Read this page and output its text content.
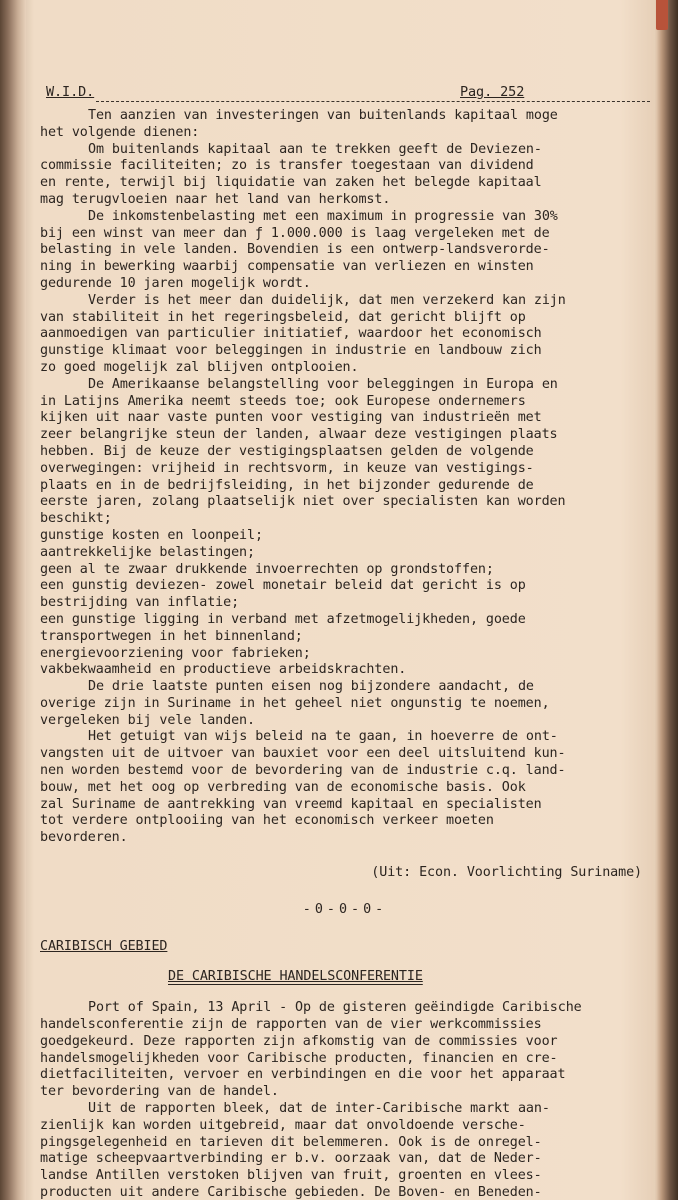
W.I.D.	Pag. 252
Ten aanzien van investeringen van buitenlands kapitaal moge
het volgende dienen:
Om buitenlands kapitaal aan te trekken geeft de Deviezen-
commissie faciliteiten; zo is transfer toegestaan van dividend
en rente, terwijl bij liquidatie van zaken het belegde kapitaal
mag terugvloeien naar het land van herkomst.
De inkomstenbelasting met een maximum in progressie van 30%
bij een winst van meer dan ƒ 1.000.000 is laag vergeleken met de
belasting in vele landen. Bovendien is een ontwerp-landsverorde-
ning in bewerking waarbij compensatie van verliezen en winsten
gedurende 10 jaren mogelijk wordt.
Verder is het meer dan duidelijk, dat men verzekerd kan zijn
van stabiliteit in het regeringsbeleid, dat gericht blijft op
aanmoedigen van particulier initiatief, waardoor het economisch
gunstige klimaat voor beleggingen in industrie en landbouw zich
zo goed mogelijk zal blijven ontplooien.
De Amerikaanse belangstelling voor beleggingen in Europa en
in Latijns Amerika neemt steeds toe; ook Europese ondernemers
kijken uit naar vaste punten voor vestiging van industrieën met
zeer belangrijke steun der landen, alwaar deze vestigingen plaats
hebben. Bij de keuze der vestigingsplaatsen gelden de volgende
overwegingen: vrijheid in rechtsvorm, in keuze van vestigings-
plaats en in de bedrijfsleiding, in het bijzonder gedurende de
eerste jaren, zolang plaatselijk niet over specialisten kan worden
beschikt;
gunstige kosten en loonpeil;
aantrekkelijke belastingen;
geen al te zwaar drukkende invoerrechten op grondstoffen;
een gunstig deviezen- zowel monetair beleid dat gericht is op
bestrijding van inflatie;
een gunstige ligging in verband met afzetmogelijkheden, goede
transportwegen in het binnenland;
energievoorziening voor fabrieken;
vakbekwaamheid en productieve arbeidskrachten.
De drie laatste punten eisen nog bijzondere aandacht, de
overige zijn in Suriname in het geheel niet ongunstig te noemen,
vergeleken bij vele landen.
Het getuigt van wijs beleid na te gaan, in hoeverre de ont-
vangsten uit de uitvoer van bauxiet voor een deel uitsluitend kun-
nen worden bestemd voor de bevordering van de industrie c.q. land-
bouw, met het oog op verbreding van de economische basis. Ook
zal Suriname de aantrekking van vreemd kapitaal en specialisten
tot verdere ontplooiing van het economisch verkeer moeten
bevorderen.
(Uit: Econ. Voorlichting Suriname)
-0-0-0-
CARIBISCH GEBIED
DE CARIBISCHE HANDELSCONFERENTIE
Port of Spain, 13 April - Op de gisteren geëindigde Caribische
handelsconferentie zijn de rapporten van de vier werkcommissies
goedgekeurd. Deze rapporten zijn afkomstig van de commissies voor
handelsmogelijkheden voor Caribische producten, financien en cre-
dietfaciliteiten, vervoer en verbindingen en die voor het apparaat
ter bevordering van de handel.
Uit de rapporten bleek, dat de inter-Caribische markt aan-
zienlijk kan worden uitgebreid, maar dat onvoldoende versche-
pingsgelegenheid en tarieven dit belemmeren. Ook is de onregel-
matige scheepvaartverbinding er b.v. oorzaak van, dat de Neder-
landse Antillen verstoken blijven van fruit, groenten en vlees-
producten uit andere Caribische gebieden. De Boven- en Beneden-
